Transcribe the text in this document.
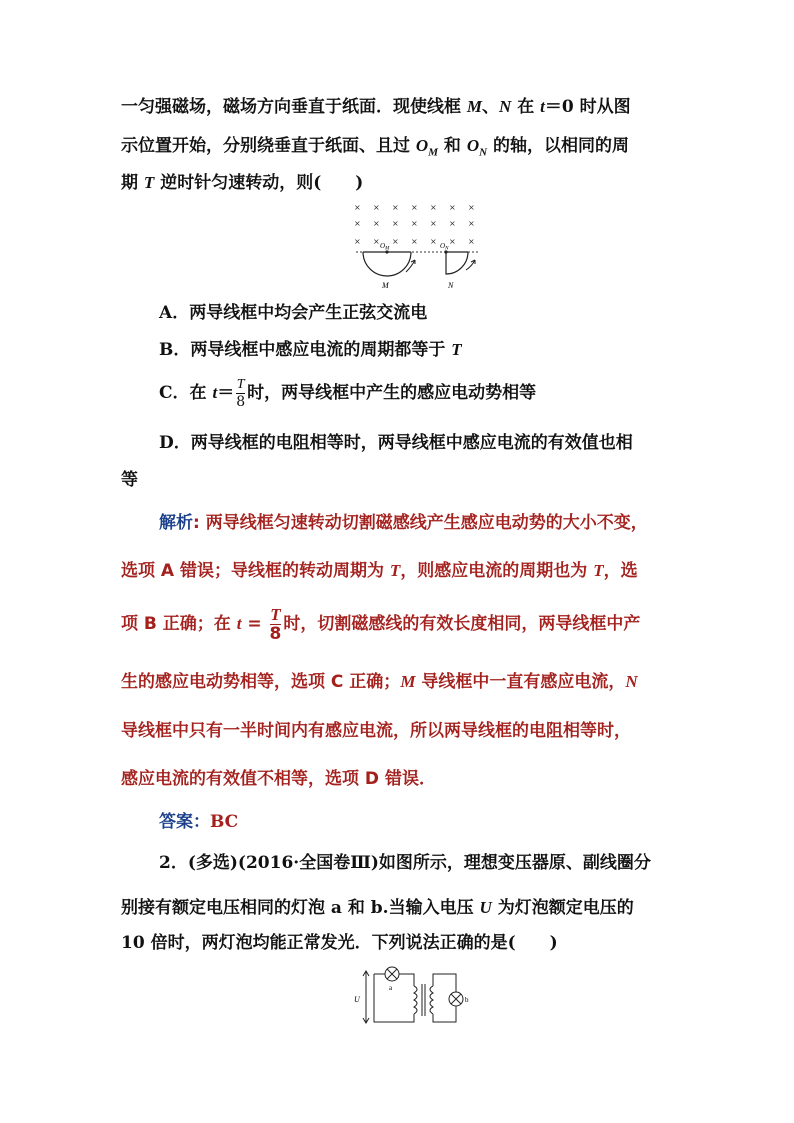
一匀强磁场，磁场方向垂直于纸面．现使线框 M、N 在 t＝0 时从图
示位置开始，分别绕垂直于纸面、且过 $O_M$ 和 $O_N$ 的轴，以相同的周
期 T 逆时针匀速转动，则(　　)
× × × × × × ×
× × × × × × ×
× × × × × × ×
$O_M$	$O_N$
M	N
A．两导线框中均会产生正弦交流电
B．两导线框中感应电流的周期都等于 T
C．在 $t= \frac{T}{8}$ 时，两导线框中产生的感应电动势相等
D．两导线框的电阻相等时，两导线框中感应电流的有效值也相
等
解析: 两导线框匀速转动切割磁感线产生感应电动势的大小不变，
选项 A 错误；导线框的转动周期为 T，则感应电流的周期也为 T，选
项 B 正确；在 $t = \frac{T}{8}$ 时，切割磁感线的有效长度相同，两导线框中产
生的感应电动势相等，选项 C 正确；M 导线框中一直有感应电流，N
导线框中只有一半时间内有感应电流，所以两导线框的电阻相等时，
感应电流的有效值不相等，选项 D 错误．
答案：BC
2．(多选)(2016·全国卷Ⅲ)如图所示，理想变压器原、副线圈分
别接有额定电压相同的灯泡 a 和 b.当输入电压 U 为灯泡额定电压的
10 倍时，两灯泡均能正常发光．下列说法正确的是(　　)
U
a
b
